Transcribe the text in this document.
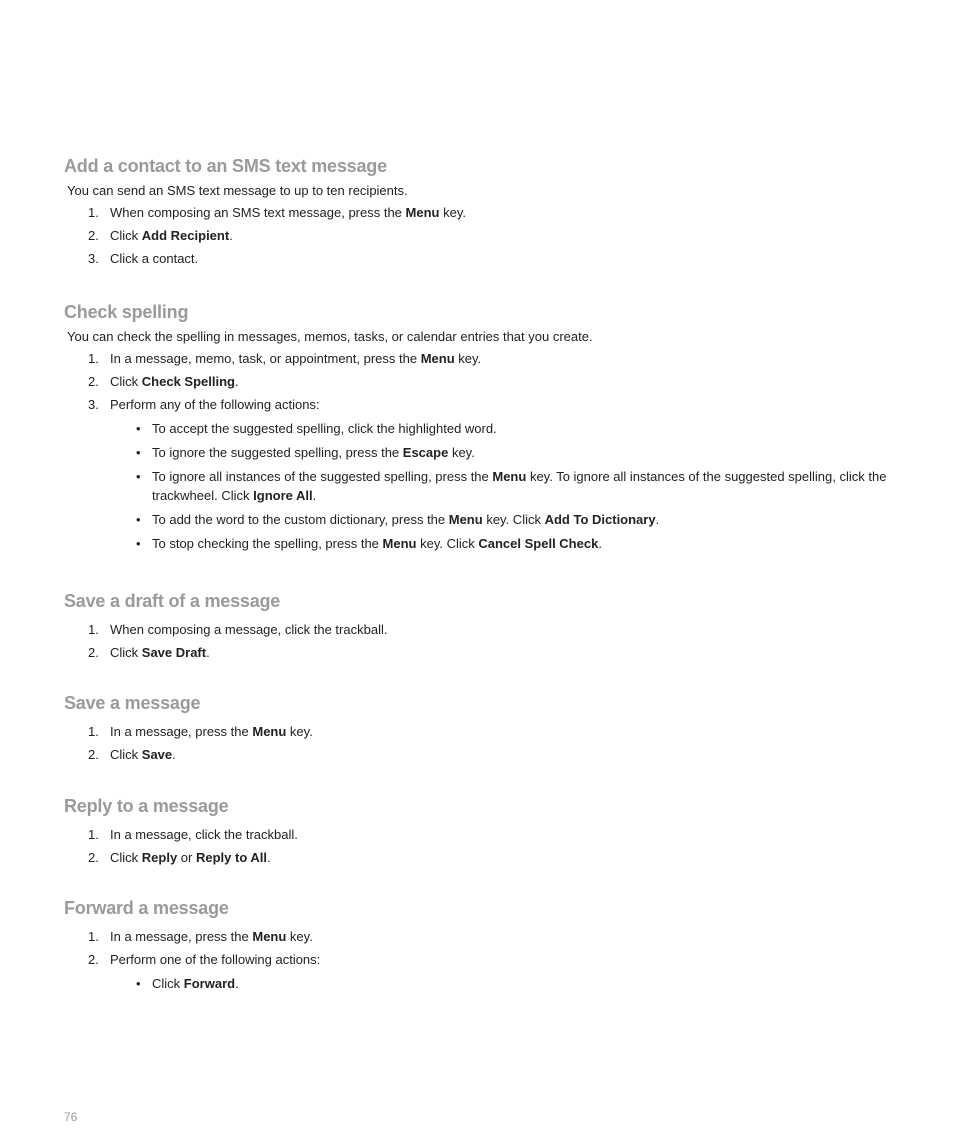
Add a contact to an SMS text message

You can send an SMS text message to up to ten recipients.

1. When composing an SMS text message, press the Menu key.
2. Click Add Recipient.
3. Click a contact.
Check spelling

You can check the spelling in messages, memos, tasks, or calendar entries that you create.

1. In a message, memo, task, or appointment, press the Menu key.
2. Click Check Spelling.
3. Perform any of the following actions:
• To accept the suggested spelling, click the highlighted word.
• To ignore the suggested spelling, press the Escape key.
• To ignore all instances of the suggested spelling, press the Menu key. To ignore all instances of the suggested spelling, click the trackwheel. Click Ignore All.
• To add the word to the custom dictionary, press the Menu key. Click Add To Dictionary.
• To stop checking the spelling, press the Menu key. Click Cancel Spell Check.
Save a draft of a message
1. When composing a message, click the trackball.
2. Click Save Draft.
Save a message
1. In a message, press the Menu key.
2. Click Save.
Reply to a message
1. In a message, click the trackball.
2. Click Reply or Reply to All.
Forward a message
1. In a message, press the Menu key.
2. Perform one of the following actions:
• Click Forward.
76
